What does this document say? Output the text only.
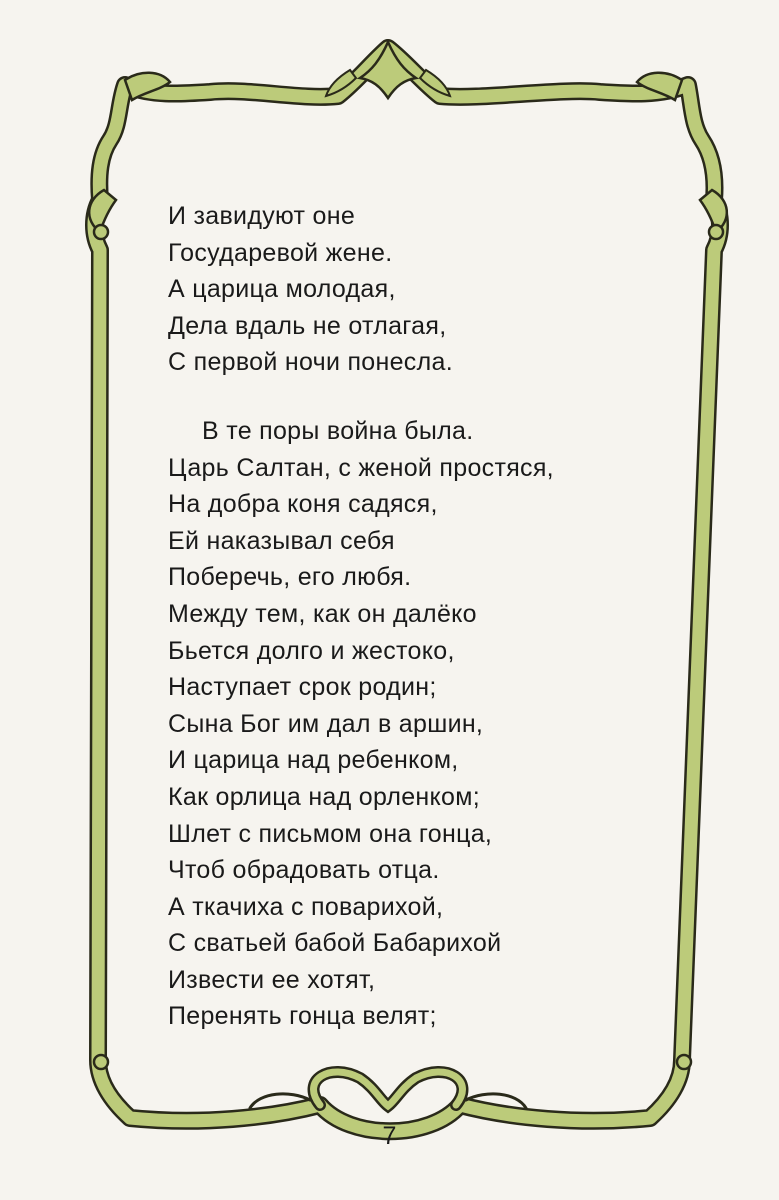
И завидуют оне
Государевой жене.
А царица молодая,
Дела вдаль не отлагая,
С первой ночи понесла.
В те поры война была.
Царь Салтан, с женой простяся,
На добра коня садяся,
Ей наказывал себя
Поберечь, его любя.
Между тем, как он далёко
Бьется долго и жестоко,
Наступает срок родин;
Сына Бог им дал в аршин,
И царица над ребенком,
Как орлица над орленком;
Шлет с письмом она гонца,
Чтоб обрадовать отца.
А ткачиха с поварихой,
С сватьей бабой Бабарихой
Извести ее хотят,
Перенять гонца велят;
7
